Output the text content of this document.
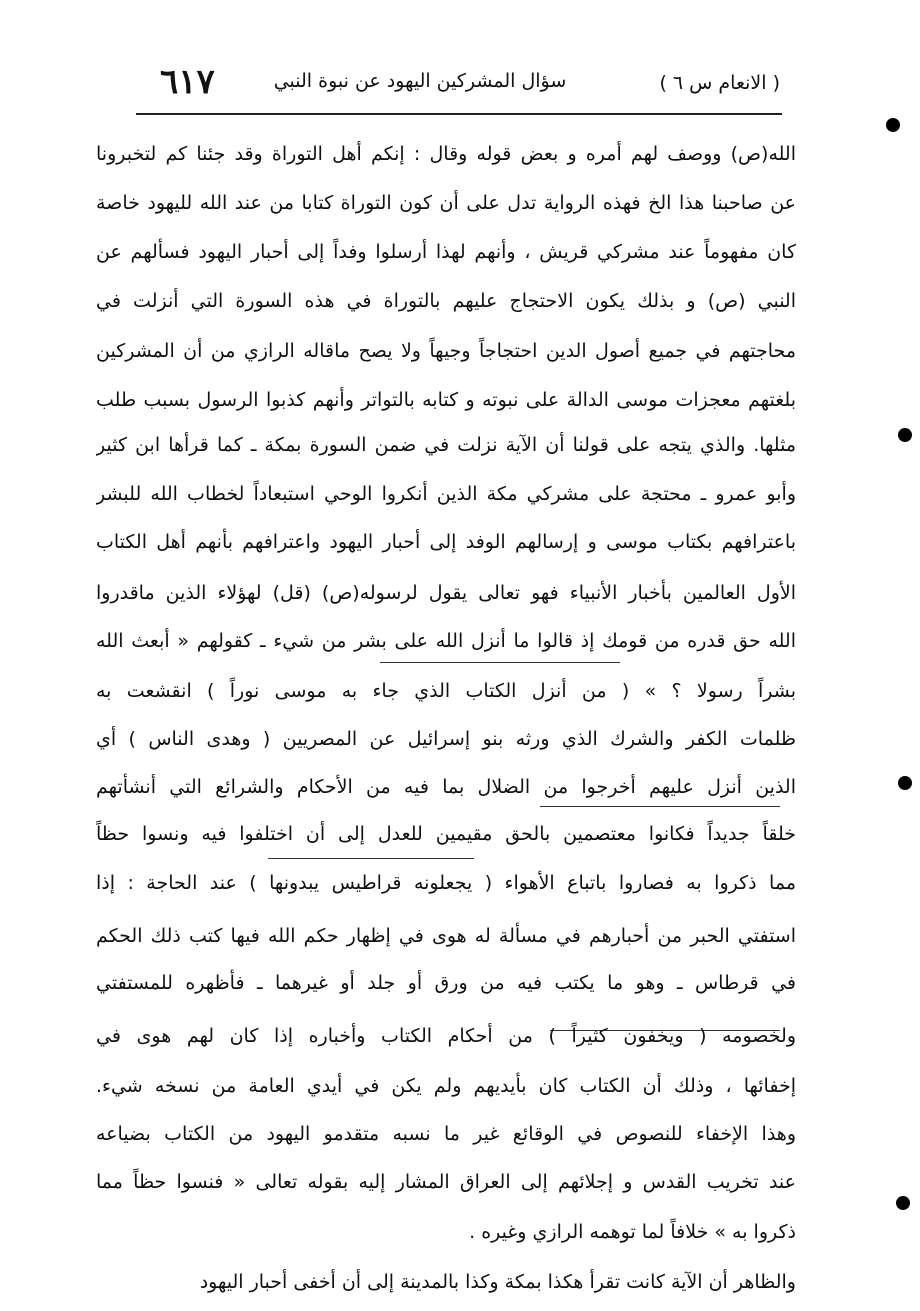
٦١٧	سؤال المشركين اليهود عن نبوة النبي	( الانعام س ٦ )
الله(ص) ووصف لهم أمره و بعض قوله وقال : إنكم أهل التوراة وقد جئنا كم لتخبرونا
عن صاحبنا هذا الخ فهذه الرواية تدل على أن كون التوراة كتابا من عند الله لليهود خاصة
كان مفهوماً عند مشركي قريش ، وأنهم لهذا أرسلوا وفداً إلى أحبار اليهود فسألهم عن
النبي (ص) و بذلك يكون الاحتجاج عليهم بالتوراة في هذه السورة التي أنزلت في
محاجتهم في جميع أصول الدين احتجاجاً وجيهاً ولا يصح ماقاله الرازي من أن المشركين
بلغتهم معجزات موسى الدالة على نبوته و كتابه بالتواتر وأنهم كذبوا الرسول بسبب طلب
مثلها. والذي يتجه على قولنا أن الآية نزلت في ضمن السورة بمكة ـ كما قرأها ابن كثير
وأبو عمرو ـ محتجة على مشركي مكة الذين أنكروا الوحي استبعاداً لخطاب الله للبشر
باعترافهم بكتاب موسى و إرسالهم الوفد إلى أحبار اليهود واعترافهم بأنهم أهل الكتاب
الأول العالمين بأخبار الأنبياء فهو تعالى يقول لرسوله(ص) (قل) لهؤلاء الذين ماقدروا
الله حق قدره من قومك إذ قالوا ما أنزل الله على بشر من شيء ـ كقولهم « أبعث الله
بشراً رسولا ؟ » ( من أنزل الكتاب الذي جاء به موسى نوراً ) انقشعت به
ظلمات الكفر والشرك الذي ورثه بنو إسرائيل عن المصريين ( وهدى الناس ) أي
الذين أنزل عليهم أخرجوا من الضلال بما فيه من الأحكام والشرائع التي أنشأتهم
خلقاً جديداً فكانوا معتصمين بالحق مقيمين للعدل إلى أن اختلفوا فيه ونسوا حظاً
مما ذكروا به فصاروا باتباع الأهواء ( يجعلونه قراطيس يبدونها ) عند الحاجة : إذا
استفتي الحبر من أحبارهم في مسألة له هوى في إظهار حكم الله فيها كتب ذلك الحكم
في قرطاس ـ وهو ما يكتب فيه من ورق أو جلد أو غيرهما ـ فأظهره للمستفتي
ولخصومه ( ويخفون كثيراً ) من أحكام الكتاب وأخباره إذا كان لهم هوى في
إخفائها ، وذلك أن الكتاب كان بأيديهم ولم يكن في أيدي العامة من نسخه شيء.
وهذا الإخفاء للنصوص في الوقائع غير ما نسبه متقدمو اليهود من الكتاب بضياعه
عند تخريب القدس و إجلائهم إلى العراق المشار إليه بقوله تعالى « فنسوا حظاً مما
ذكروا به » خلافاً لما توهمه الرازي وغيره .
والظاهر أن الآية كانت تقرأ هكذا بمكة وكذا بالمدينة إلى أن أخفى أحبار اليهود
